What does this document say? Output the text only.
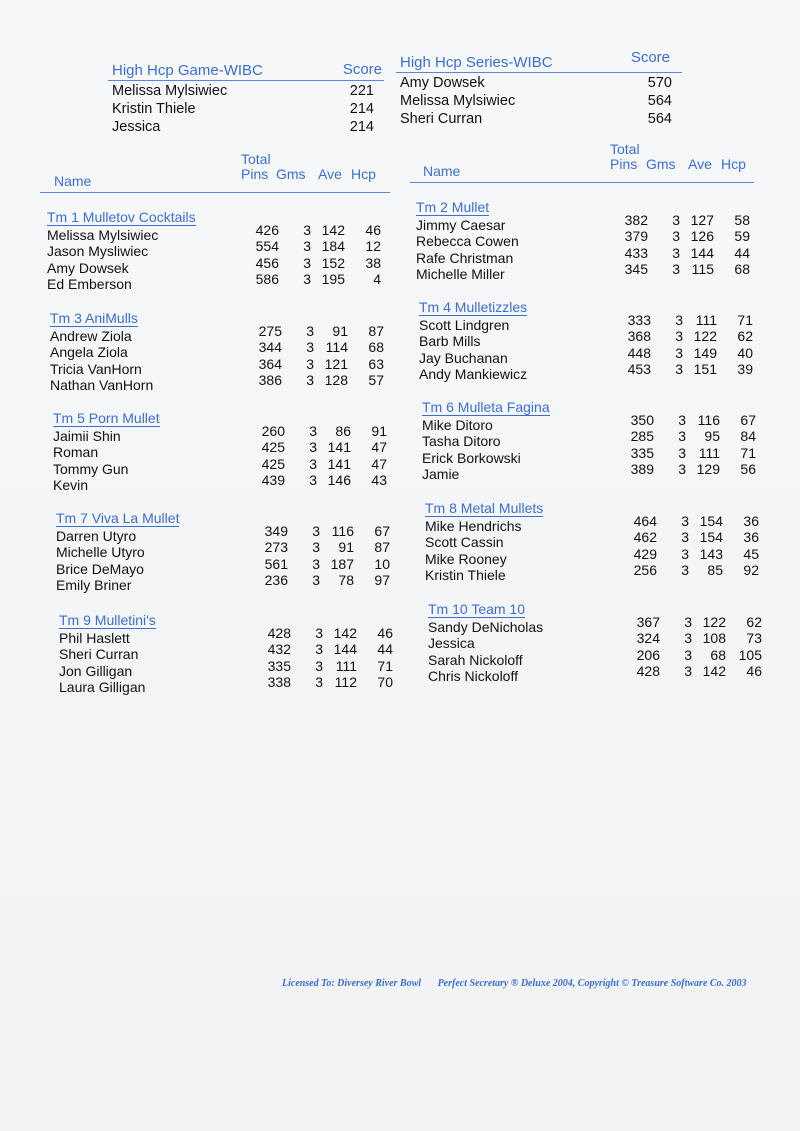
High Hcp Game-WIBC	Score
Melissa Mylsiwiec	221
Kristin Thiele	214
Jessica	214
High Hcp Series-WIBC	Score
Amy Dowsek	570
Melissa Mylsiwiec	564
Sheri Curran	564
Name
Total
Pins Gms Ave Hcp	Name
Total
Pins Gms Ave Hcp
Tm 1 Mulletov Cocktails
Melissa Mylsiwiec	426	3 142	46
Jason Mysliwiec	554	3 184	12
Amy Dowsek	456	3 152	38
Ed Emberson	586	3 195	4
Tm 2 Mullet
Jimmy Caesar	382	3 127	58
Rebecca Cowen	379	3 126	59
Rafe Christman	433	3 144	44
Michelle Miller	345	3 115	68
Tm 3 AniMulls
Andrew Ziola	275	3	91	87
Angela Ziola	344	3 114	68
Tricia VanHorn	364	3 121	63
Nathan VanHorn	386	3 128	57
Tm 4 Mulletizzles
Scott Lindgren	333	3 111	71
Barb Mills	368	3 122	62
Jay Buchanan	448	3 149	40
Andy Mankiewicz	453	3 151	39
Tm 5 Porn Mullet
Jaimii Shin	260	3	86	91
Roman	425	3 141	47
Tommy Gun	425	3 141	47
Kevin	439	3 146	43
Tm 6 Mulleta Fagina
Mike Ditoro	350	3 116	67
Tasha Ditoro	285	3	95	84
Erick Borkowski	335	3 111	71
Jamie	389	3 129	56
Tm 7 Viva La Mullet
Darren Utyro	349	3 116	67
Michelle Utyro	273	3	91	87
Brice DeMayo	561	3 187	10
Emily Briner	236	3	78	97
Tm 8 Metal Mullets
Mike Hendrichs	464	3 154	36
Scott Cassin	462	3 154	36
Mike Rooney	429	3 143	45
Kristin Thiele	256	3	85	92
Tm 9 Mulletini's
Phil Haslett	428	3 142	46
Sheri Curran	432	3 144	44
Jon Gilligan	335	3 111	71
Laura Gilligan	338	3 112	70
Tm 10 Team 10
Sandy DeNicholas	367	3 122	62
Jessica	324	3 108	73
Sarah Nickoloff	206	3	68 105
Chris Nickoloff	428	3 142	46
Licensed To: Diversey River Bowl Perfect Secretary ® Deluxe 2004, Copyright © Treasure Software Co. 2003
